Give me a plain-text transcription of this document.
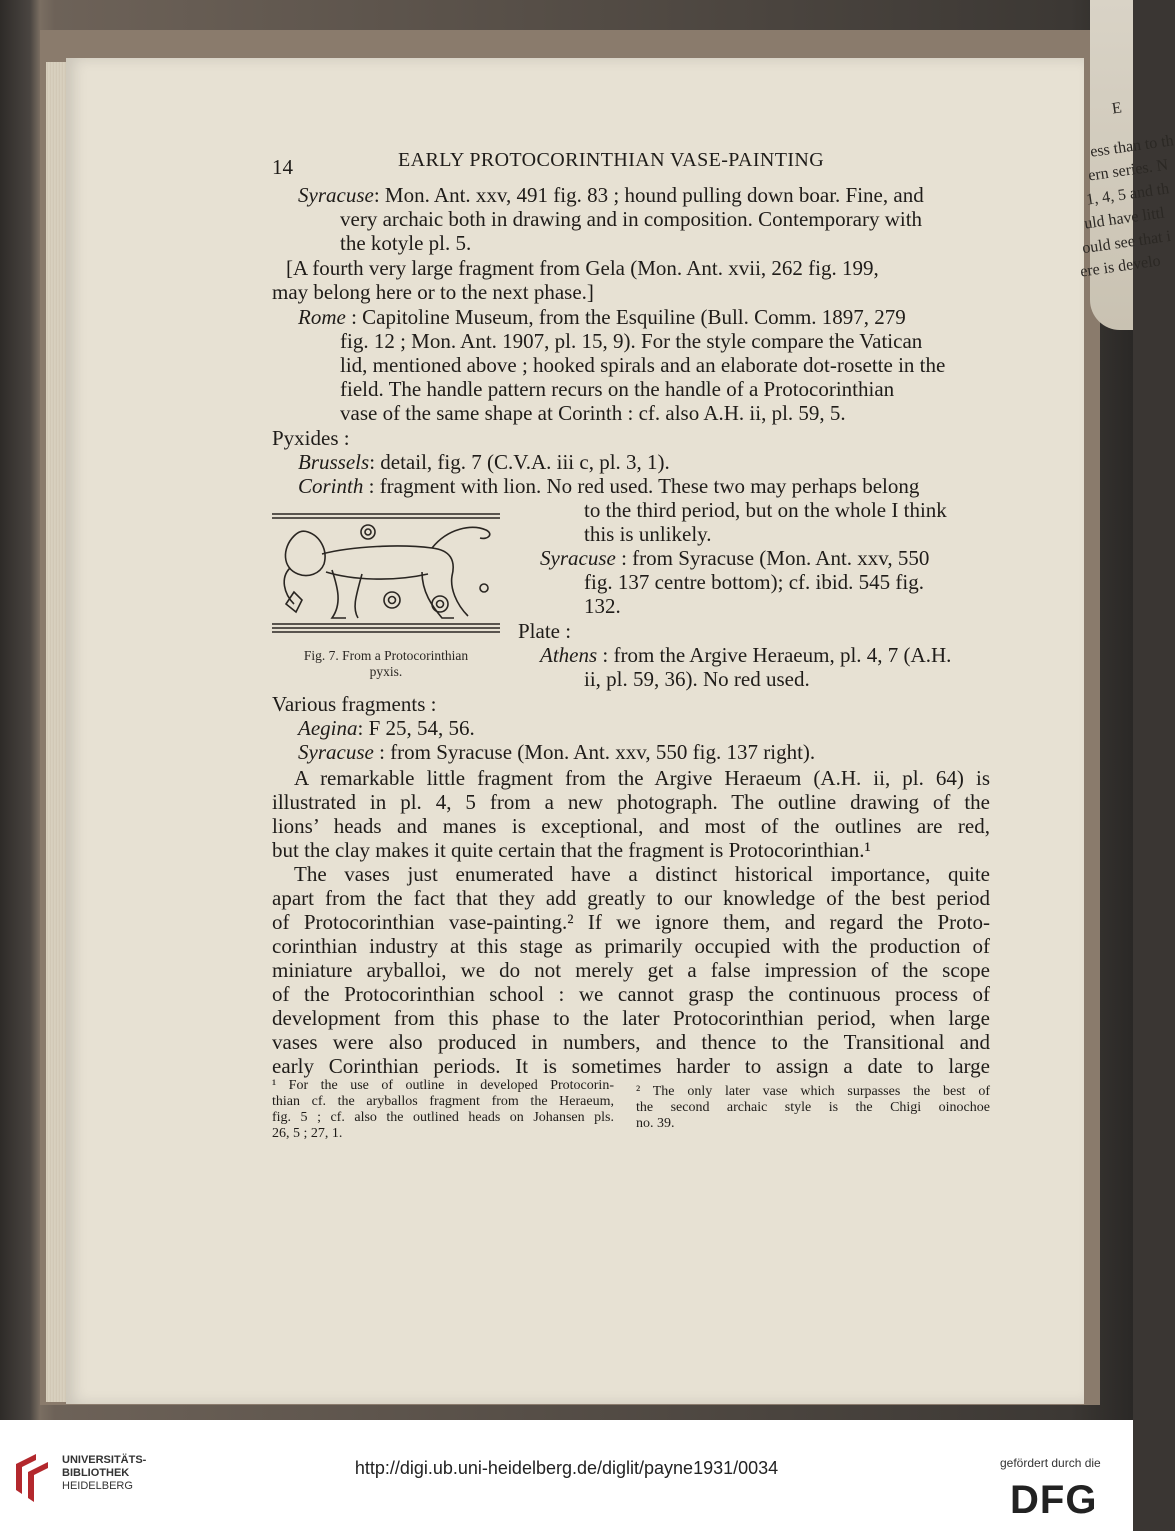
E
ess than to th
ern series. N
1, 4, 5 and th
uld have littl
ould see that i
ere is develo
14	EARLY PROTOCORINTHIAN VASE-PAINTING
Syracuse: Mon. Ant. xxv, 491 fig. 83 ; hound pulling down boar. Fine, and
very archaic both in drawing and in composition. Contemporary with
the kotyle pl. 5.
[A fourth very large fragment from Gela (Mon. Ant. xvii, 262 fig. 199,
may belong here or to the next phase.]
Rome : Capitoline Museum, from the Esquiline (Bull. Comm. 1897, 279
fig. 12 ; Mon. Ant. 1907, pl. 15, 9). For the style compare the Vatican
lid, mentioned above ; hooked spirals and an elaborate dot-rosette in the
field. The handle pattern recurs on the handle of a Protocorinthian
vase of the same shape at Corinth : cf. also A.H. ii, pl. 59, 5.
Pyxides :
Brussels: detail, fig. 7 (C.V.A. iii c, pl. 3, 1).
Corinth : fragment with lion. No red used. These two may perhaps belong
to the third period, but on the whole I think
this is unlikely.
Fig. 7. From a Protocorinthian
pyxis.
Syracuse : from Syracuse (Mon. Ant. xxv, 550
fig. 137 centre bottom); cf. ibid. 545 fig.
132.
Plate :
Athens : from the Argive Heraeum, pl. 4, 7 (A.H.
ii, pl. 59, 36). No red used.
Various fragments :
Aegina: F 25, 54, 56.
Syracuse : from Syracuse (Mon. Ant. xxv, 550 fig. 137 right).
A remarkable little fragment from the Argive Heraeum (A.H. ii, pl. 64) is
illustrated in pl. 4, 5 from a new photograph. The outline drawing of the
lions’ heads and manes is exceptional, and most of the outlines are red,
but the clay makes it quite certain that the fragment is Protocorinthian.¹
The vases just enumerated have a distinct historical importance, quite
apart from the fact that they add greatly to our knowledge of the best period
of Protocorinthian vase-painting.² If we ignore them, and regard the Proto-
corinthian industry at this stage as primarily occupied with the production of
miniature aryballoi, we do not merely get a false impression of the scope
of the Protocorinthian school : we cannot grasp the continuous process of
development from this phase to the later Protocorinthian period, when large
vases were also produced in numbers, and thence to the Transitional and
early Corinthian periods. It is sometimes harder to assign a date to large
¹ For the use of outline in developed Protocorin-
thian cf. the aryballos fragment from the Heraeum,
fig. 5 ; cf. also the outlined heads on Johansen pls.
26, 5 ; 27, 1.
² The only later vase which surpasses the best of
the second archaic style is the Chigi oinochoe
no. 39.
UNIVERSITÄTS-
BIBLIOTHEK
HEIDELBERG
http://digi.ub.uni-heidelberg.de/diglit/payne1931/0034	gefördert durch die
DFG
